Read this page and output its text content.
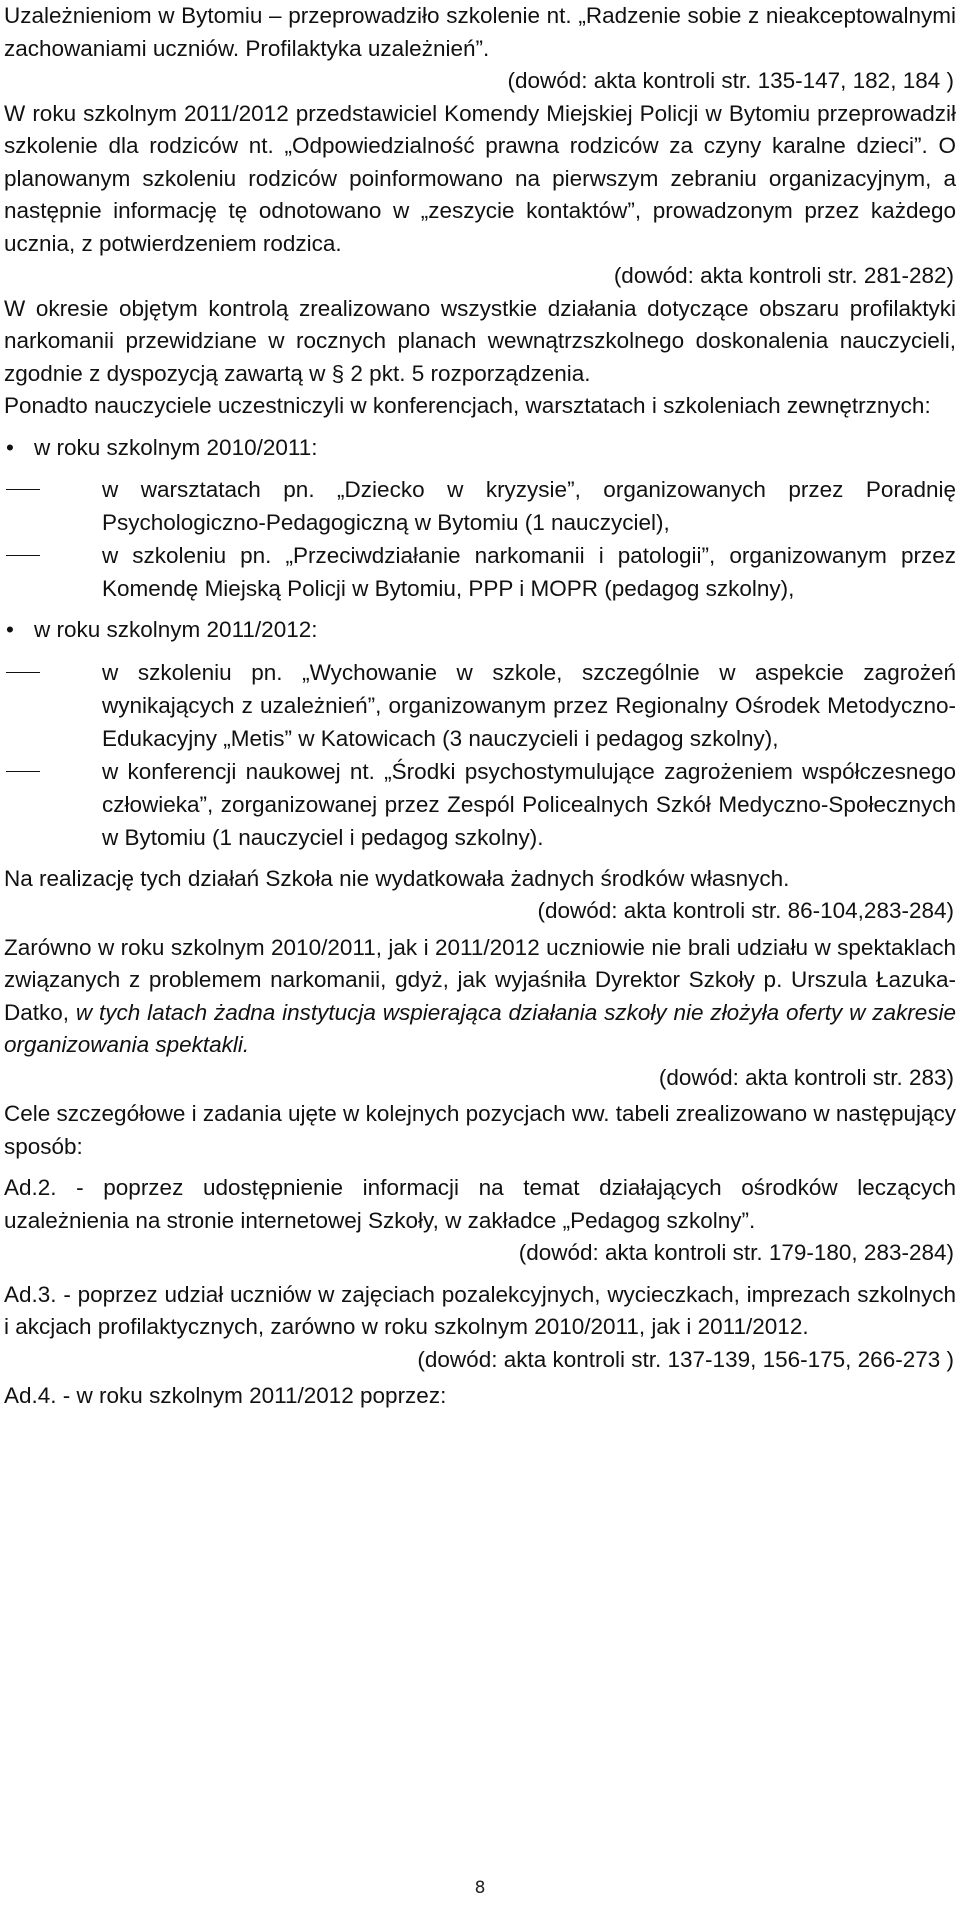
Uzależnieniom w Bytomiu – przeprowadziło szkolenie nt. „Radzenie sobie z nieakceptowalnymi zachowaniami uczniów. Profilaktyka uzależnień”.

(dowód: akta kontroli str. 135-147, 182, 184 )

W roku szkolnym 2011/2012 przedstawiciel Komendy Miejskiej Policji w Bytomiu przeprowadził szkolenie dla rodziców nt. „Odpowiedzialność prawna rodziców za czyny karalne dzieci”. O planowanym szkoleniu rodziców poinformowano na pierwszym zebraniu organizacyjnym, a następnie informację tę odnotowano w „zeszycie kontaktów”, prowadzonym przez każdego ucznia, z potwierdzeniem rodzica.

(dowód: akta kontroli str. 281-282)

W okresie objętym kontrolą zrealizowano wszystkie działania dotyczące obszaru profilaktyki narkomanii przewidziane w rocznych planach wewnątrzszkolnego doskonalenia nauczycieli, zgodnie z dyspozycją zawartą w § 2 pkt. 5 rozporządzenia.

Ponadto nauczyciele uczestniczyli w konferencjach, warsztatach i szkoleniach zewnętrznych:

• w roku szkolnym 2010/2011:
w warsztatach pn. „Dziecko w kryzysie”, organizowanych przez Poradnię Psychologiczno-Pedagogiczną w Bytomiu (1 nauczyciel),
w szkoleniu pn. „Przeciwdziałanie narkomanii i patologii”, organizowanym przez Komendę Miejską Policji w Bytomiu, PPP i MOPR (pedagog szkolny),
• w roku szkolnym 2011/2012:
w szkoleniu pn. „Wychowanie w szkole, szczególnie w aspekcie zagrożeń wynikających z uzależnień”, organizowanym przez Regionalny Ośrodek Metodyczno-Edukacyjny „Metis” w Katowicach (3 nauczycieli i pedagog szkolny),
w konferencji naukowej nt. „Środki psychostymulujące zagrożeniem współczesnego człowieka”, zorganizowanej przez Zespól Policealnych Szkół Medyczno-Społecznych w Bytomiu (1 nauczyciel i pedagog szkolny).

Na realizację tych działań Szkoła nie wydatkowała żadnych środków własnych.

(dowód: akta kontroli str. 86-104,283-284)

Zarówno w roku szkolnym 2010/2011, jak i 2011/2012 uczniowie nie brali udziału w spektaklach związanych z problemem narkomanii, gdyż, jak wyjaśniła Dyrektor Szkoły p. Urszula Łazuka-Datko, w tych latach żadna instytucja wspierająca działania szkoły nie złożyła oferty w zakresie organizowania spektakli.

(dowód: akta kontroli str. 283)

Cele szczegółowe i zadania ujęte w kolejnych pozycjach ww. tabeli zrealizowano w następujący sposób:

Ad.2. - poprzez udostępnienie informacji na temat działających ośrodków leczących uzależnienia na stronie internetowej Szkoły, w zakładce „Pedagog szkolny”.

(dowód: akta kontroli str. 179-180, 283-284)

Ad.3. - poprzez udział uczniów w zajęciach pozalekcyjnych, wycieczkach, imprezach szkolnych i akcjach profilaktycznych, zarówno w roku szkolnym 2010/2011, jak i 2011/2012.

(dowód: akta kontroli str. 137-139, 156-175, 266-273 )

Ad.4. - w roku szkolnym 2011/2012 poprzez:

8
